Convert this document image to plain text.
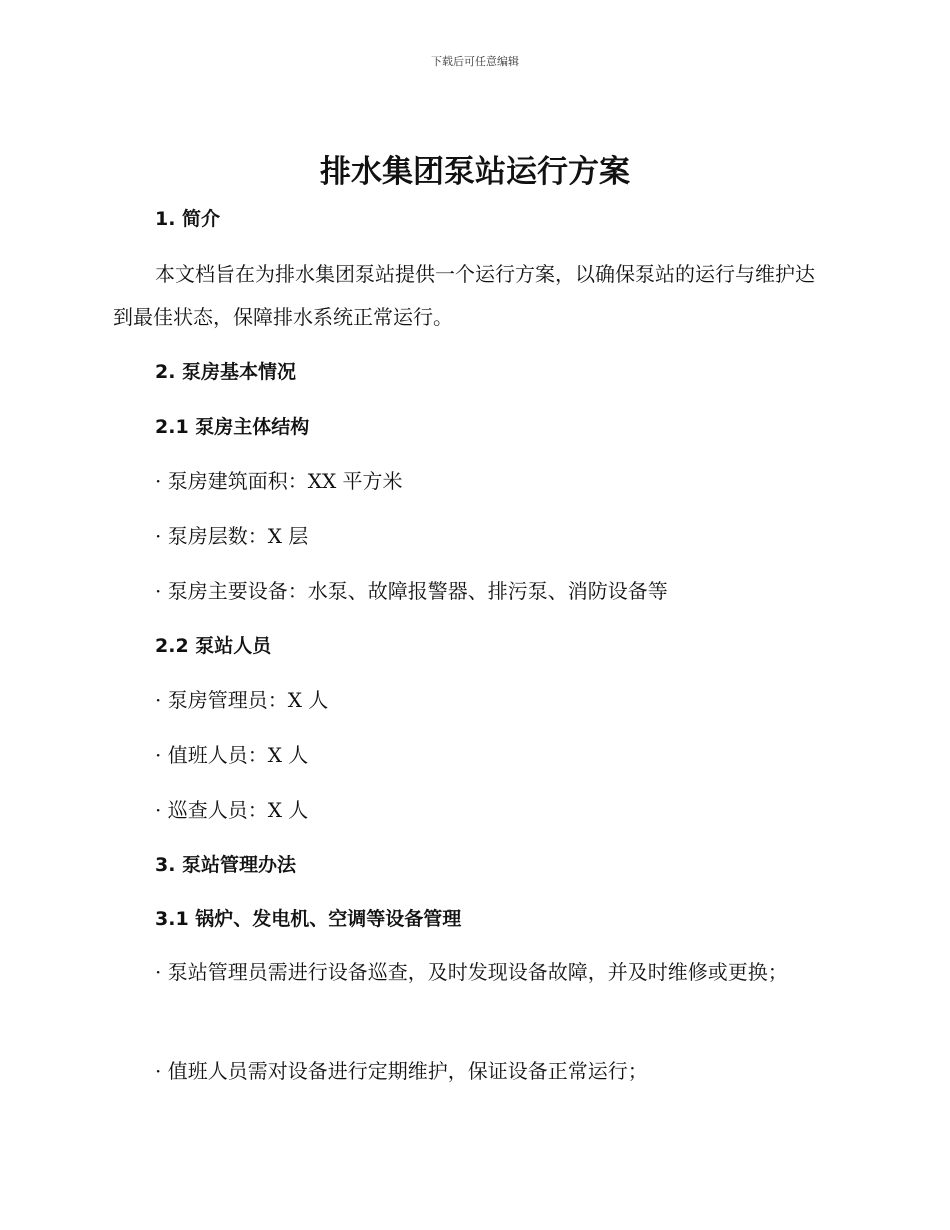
下载后可任意编辑
排水集团泵站运行方案

1. 简介

本文档旨在为排水集团泵站提供一个运行方案，以确保泵站的运行与维护达到最佳状态，保障排水系统正常运行。

2. 泵房基本情况

2.1 泵房主体结构

· 泵房建筑面积：XX 平方米

· 泵房层数：X 层

· 泵房主要设备：水泵、故障报警器、排污泵、消防设备等

2.2 泵站人员

· 泵房管理员：X 人

· 值班人员：X 人

· 巡查人员：X 人

3. 泵站管理办法

3.1 锅炉、发电机、空调等设备管理

· 泵站管理员需进行设备巡查，及时发现设备故障，并及时维修或更换；

· 值班人员需对设备进行定期维护，保证设备正常运行；
